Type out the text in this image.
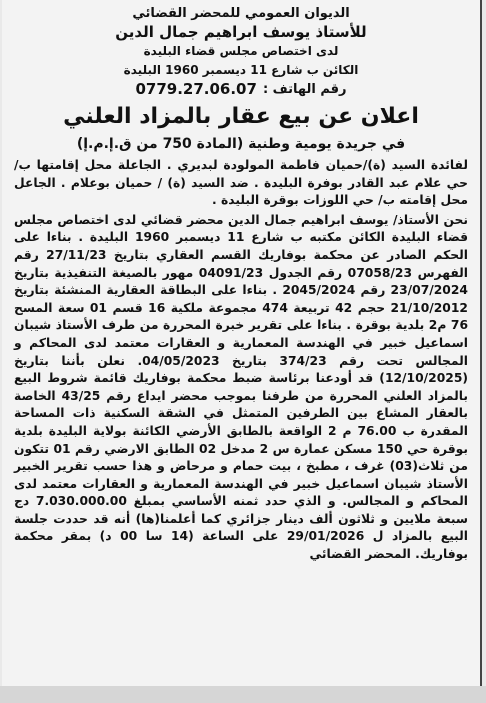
الديوان العمومي للمحضر القضائي
للأستاذ يوسف ابراهيم جمال الدين
لدى اختصاص مجلس قضاء البليدة
الكائن ب شارع 11 ديسمبر 1960 البليدة
رقم الهاتف :
0779.27.06.07
اعلان عن بيع عقار بالمزاد العلني
في جريدة يومية وطنية (المادة 750 من ق.إ.م.إ)

لفائدة السيد (ة)/حميان فاطمة المولودة لبديري . الجاعلة محل إقامتها ب/حي علام عبد القادر بوفرة البليدة . ضد السيد (ة) / حميان بوعلام . الجاعل محل إقامته ب/ حي اللوزات بوقرة البليدة .

نحن الأستاذ/ يوسف ابراهيم جمال الدين محضر قضائي لدى اختصاص مجلس قضاء البليدة الكائن مكتبه ب شارع 11 ديسمبر 1960 البليدة . بناءا على الحكم الصادر عن محكمة بوفاريك القسم العقاري بتاريخ 27/11/23 رقم الفهرس 07058/23 رقم الجدول 04091/23 مهور بالصيغة التنفيذية بتاريخ 23/07/2024 رقم 2045/2024 . بناءا على البطاقة العقارية المنشئة بتاريخ 21/10/2012 حجم 42 تربيعة 474 مجموعة ملكية 16 قسم 01 سعة المسح 76 م2 بلدية بوقرة . بناءا على تقرير خبرة المحررة من طرف الأستاذ شيبان اسماعيل خبير في الهندسة المعمارية و العقارات معتمد لدى المحاكم و المجالس تحت رقم 374/23 بتاريخ 04/05/2023. نعلن بأننا بتاريخ (12/10/2025) قد أودعنا برئاسة ضبط محكمة بوفاريك قائمة شروط البيع بالمزاد العلني المحررة من طرفنا بموجب محضر ايداع رقم 43/25 الخاصة بالعقار المشاع بين الطرفين المتمثل في الشقة السكنية ذات المساحة المقدرة ب 76.00 م 2 الواقعة بالطابق الأرضي الكائنة بولاية البليدة بلدية بوقرة حي 150 مسكن عمارة س 2 مدخل 02 الطابق الارضي رقم 01 تتكون من ثلاث(03) غرف ، مطبخ ، بيت حمام و مرحاض و هذا حسب تقرير الخبير الأستاذ شيبان اسماعيل خبير في الهندسة المعمارية و العقارات معتمد لدى المحاكم و المجالس. و الذي حدد ثمنه الأساسي بمبلغ 7.030.000.00 دج سبعة ملايين و ثلاثون ألف دينار جزائري كما أعلمنا(ها) أنه قد حددت جلسة البيع بالمزاد ل 29/01/2026 على الساعة (14 سا 00 د) بمقر محكمة بوفاريك. المحضر القضائي
